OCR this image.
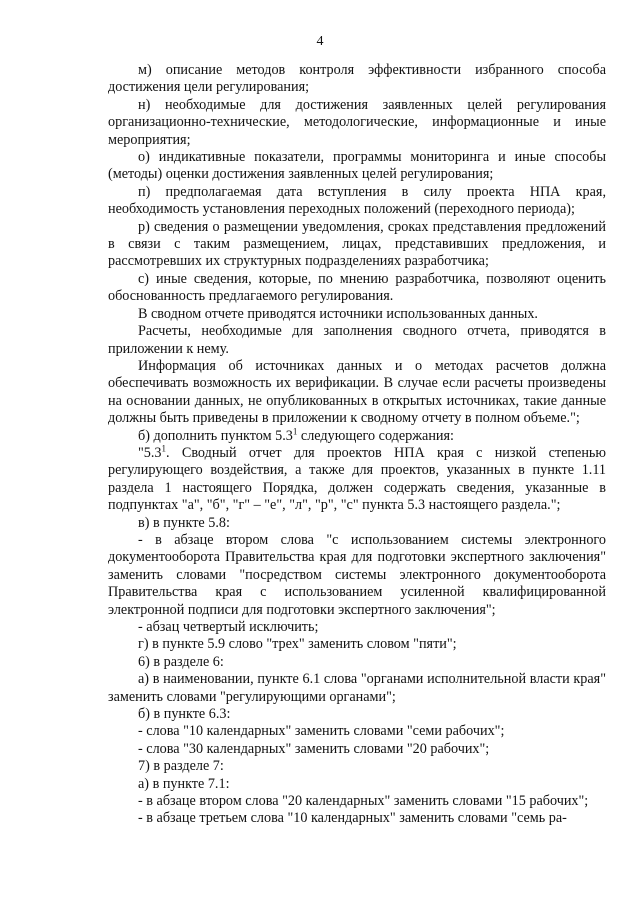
4

м) описание методов контроля эффективности избранного способа достижения цели регулирования;

н) необходимые для достижения заявленных целей регулирования организационно-технические, методологические, информационные и иные мероприятия;

о) индикативные показатели, программы мониторинга и иные способы (методы) оценки достижения заявленных целей регулирования;

п) предполагаемая дата вступления в силу проекта НПА края, необходимость установления переходных положений (переходного периода);

р) сведения о размещении уведомления, сроках представления предложений в связи с таким размещением, лицах, представивших предложения, и рассмотревших их структурных подразделениях разработчика;

с) иные сведения, которые, по мнению разработчика, позволяют оценить обоснованность предлагаемого регулирования.

В сводном отчете приводятся источники использованных данных.

Расчеты, необходимые для заполнения сводного отчета, приводятся в приложении к нему.

Информация об источниках данных и о методах расчетов должна обеспечивать возможность их верификации. В случае если расчеты произведены на основании данных, не опубликованных в открытых источниках, такие данные должны быть приведены в приложении к сводному отчету в полном объеме.";

б) дополнить пунктом $5.3^1$ следующего содержания:

"$5.3^1$. Сводный отчет для проектов НПА края с низкой степенью регулирующего воздействия, а также для проектов, указанных в пункте 1.11 раздела 1 настоящего Порядка, должен содержать сведения, указанные в подпунктах "а", "б", "г" – "е", "л", "р", "с" пункта 5.3 настоящего раздела.";

в) в пункте 5.8:

- в абзаце втором слова "с использованием системы электронного документооборота Правительства края для подготовки экспертного заключения" заменить словами "посредством системы электронного документооборота Правительства края с использованием усиленной квалифицированной электронной подписи для подготовки экспертного заключения";

- абзац четвертый исключить;

г) в пункте 5.9 слово "трех" заменить словом "пяти";

6) в разделе 6:

а) в наименовании, пункте 6.1 слова "органами исполнительной власти края" заменить словами "регулирующими органами";

б) в пункте 6.3:

- слова "10 календарных" заменить словами "семи рабочих";

- слова "30 календарных" заменить словами "20 рабочих";

7) в разделе 7:

а) в пункте 7.1:

- в абзаце втором слова "20 календарных" заменить словами "15 рабочих";

- в абзаце третьем слова "10 календарных" заменить словами "семь ра-
